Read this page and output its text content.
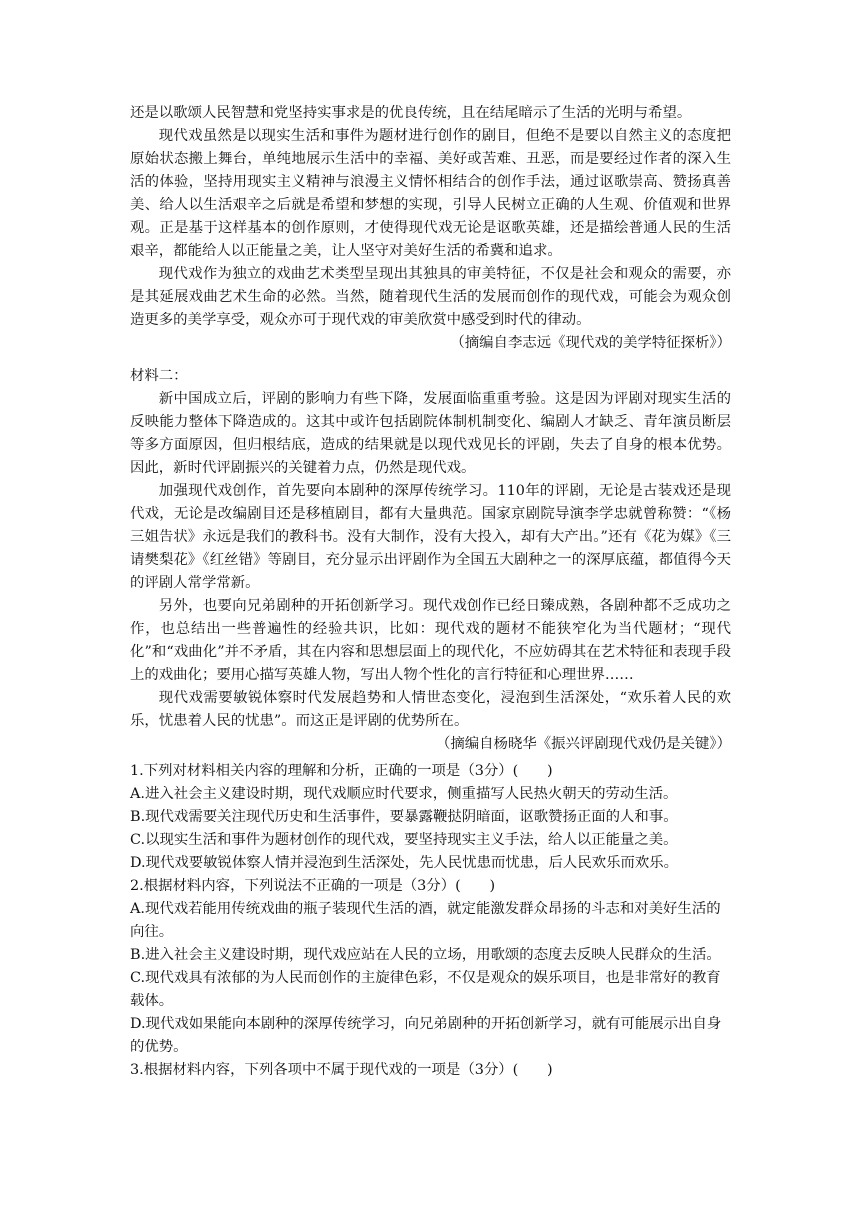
还是以歌颂人民智慧和党坚持实事求是的优良传统，且在结尾暗示了生活的光明与希望。

现代戏虽然是以现实生活和事件为题材进行创作的剧目，但绝不是要以自然主义的态度把原始状态搬上舞台，单纯地展示生活中的幸福、美好或苦难、丑恶，而是要经过作者的深入生活的体验，坚持用现实主义精神与浪漫主义情怀相结合的创作手法，通过讴歌崇高、赞扬真善美、给人以生活艰辛之后就是希望和梦想的实现，引导人民树立正确的人生观、价值观和世界观。正是基于这样基本的创作原则，才使得现代戏无论是讴歌英雄，还是描绘普通人民的生活艰辛，都能给人以正能量之美，让人坚守对美好生活的希冀和追求。

现代戏作为独立的戏曲艺术类型呈现出其独具的审美特征，不仅是社会和观众的需要，亦是其延展戏曲艺术生命的必然。当然，随着现代生活的发展而创作的现代戏，可能会为观众创造更多的美学享受，观众亦可于现代戏的审美欣赏中感受到时代的律动。

（摘编自李志远《现代戏的美学特征探析》）

材料二：

新中国成立后，评剧的影响力有些下降，发展面临重重考验。这是因为评剧对现实生活的反映能力整体下降造成的。这其中或许包括剧院体制机制变化、编剧人才缺乏、青年演员断层等多方面原因，但归根结底，造成的结果就是以现代戏见长的评剧，失去了自身的根本优势。因此，新时代评剧振兴的关键着力点，仍然是现代戏。

加强现代戏创作，首先要向本剧种的深厚传统学习。110年的评剧，无论是古装戏还是现代戏，无论是改编剧目还是移植剧目，都有大量典范。国家京剧院导演李学忠就曾称赞：“《杨三姐告状》永远是我们的教科书。没有大制作，没有大投入，却有大产出。”还有《花为媒》《三请樊梨花》《红丝错》等剧目，充分显示出评剧作为全国五大剧种之一的深厚底蕴，都值得今天的评剧人常学常新。

另外，也要向兄弟剧种的开拓创新学习。现代戏创作已经日臻成熟，各剧种都不乏成功之作，也总结出一些普遍性的经验共识，比如：现代戏的题材不能狭窄化为当代题材；“现代化”和“戏曲化”并不矛盾，其在内容和思想层面上的现代化，不应妨碍其在艺术特征和表现手段上的戏曲化；要用心描写英雄人物，写出人物个性化的言行特征和心理世界……

现代戏需要敏锐体察时代发展趋势和人情世态变化，浸泡到生活深处，“欢乐着人民的欢乐，忧患着人民的忧患”。而这正是评剧的优势所在。

（摘编自杨晓华《振兴评剧现代戏仍是关键》）

1.下列对材料相关内容的理解和分析，正确的一项是（3分）(　　)

A.进入社会主义建设时期，现代戏顺应时代要求，侧重描写人民热火朝天的劳动生活。

B.现代戏需要关注现代历史和生活事件，要暴露鞭挞阴暗面，讴歌赞扬正面的人和事。

C.以现实生活和事件为题材创作的现代戏，要坚持现实主义手法，给人以正能量之美。

D.现代戏要敏锐体察人情并浸泡到生活深处，先人民忧患而忧患，后人民欢乐而欢乐。

2.根据材料内容，下列说法不正确的一项是（3分）(　　)

A.现代戏若能用传统戏曲的瓶子装现代生活的酒，就定能激发群众昂扬的斗志和对美好生活的向往。

B.进入社会主义建设时期，现代戏应站在人民的立场，用歌颂的态度去反映人民群众的生活。

C.现代戏具有浓郁的为人民而创作的主旋律色彩，不仅是观众的娱乐项目，也是非常好的教育载体。

D.现代戏如果能向本剧种的深厚传统学习，向兄弟剧种的开拓创新学习，就有可能展示出自身的优势。

3.根据材料内容，下列各项中不属于现代戏的一项是（3分）(　　)
